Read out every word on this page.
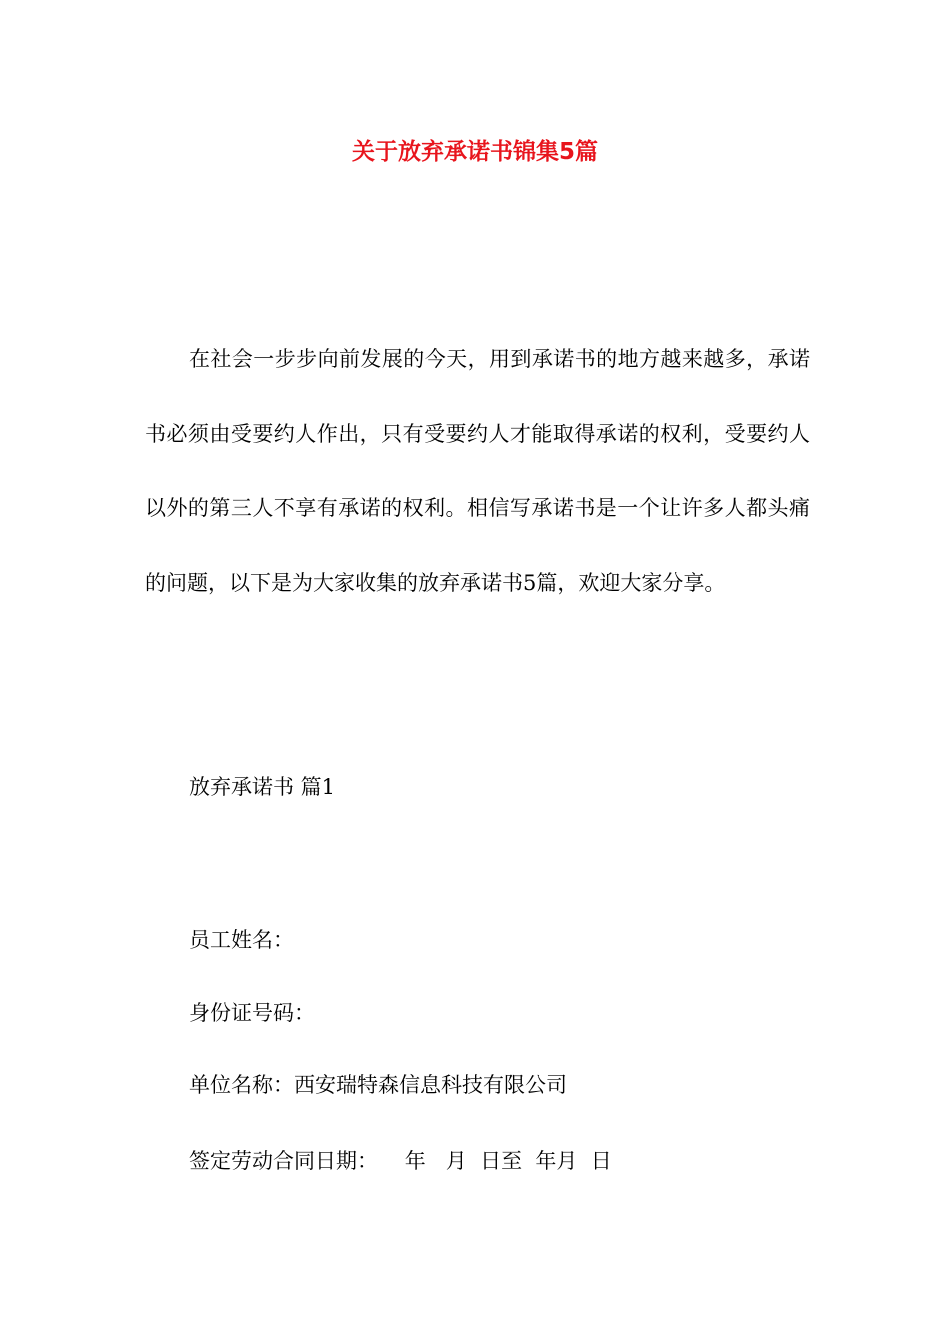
关于放弃承诺书锦集5篇

在社会一步步向前发展的今天，用到承诺书的地方越来越多，承诺书必须由受要约人作出，只有受要约人才能取得承诺的权利，受要约人以外的第三人不享有承诺的权利。相信写承诺书是一个让许多人都头痛的问题，以下是为大家收集的放弃承诺书5篇，欢迎大家分享。

放弃承诺书 篇1

员工姓名：

身份证号码：

单位名称：西安瑞特森信息科技有限公司

签定劳动合同日期：    年   月  日至  年月  日
